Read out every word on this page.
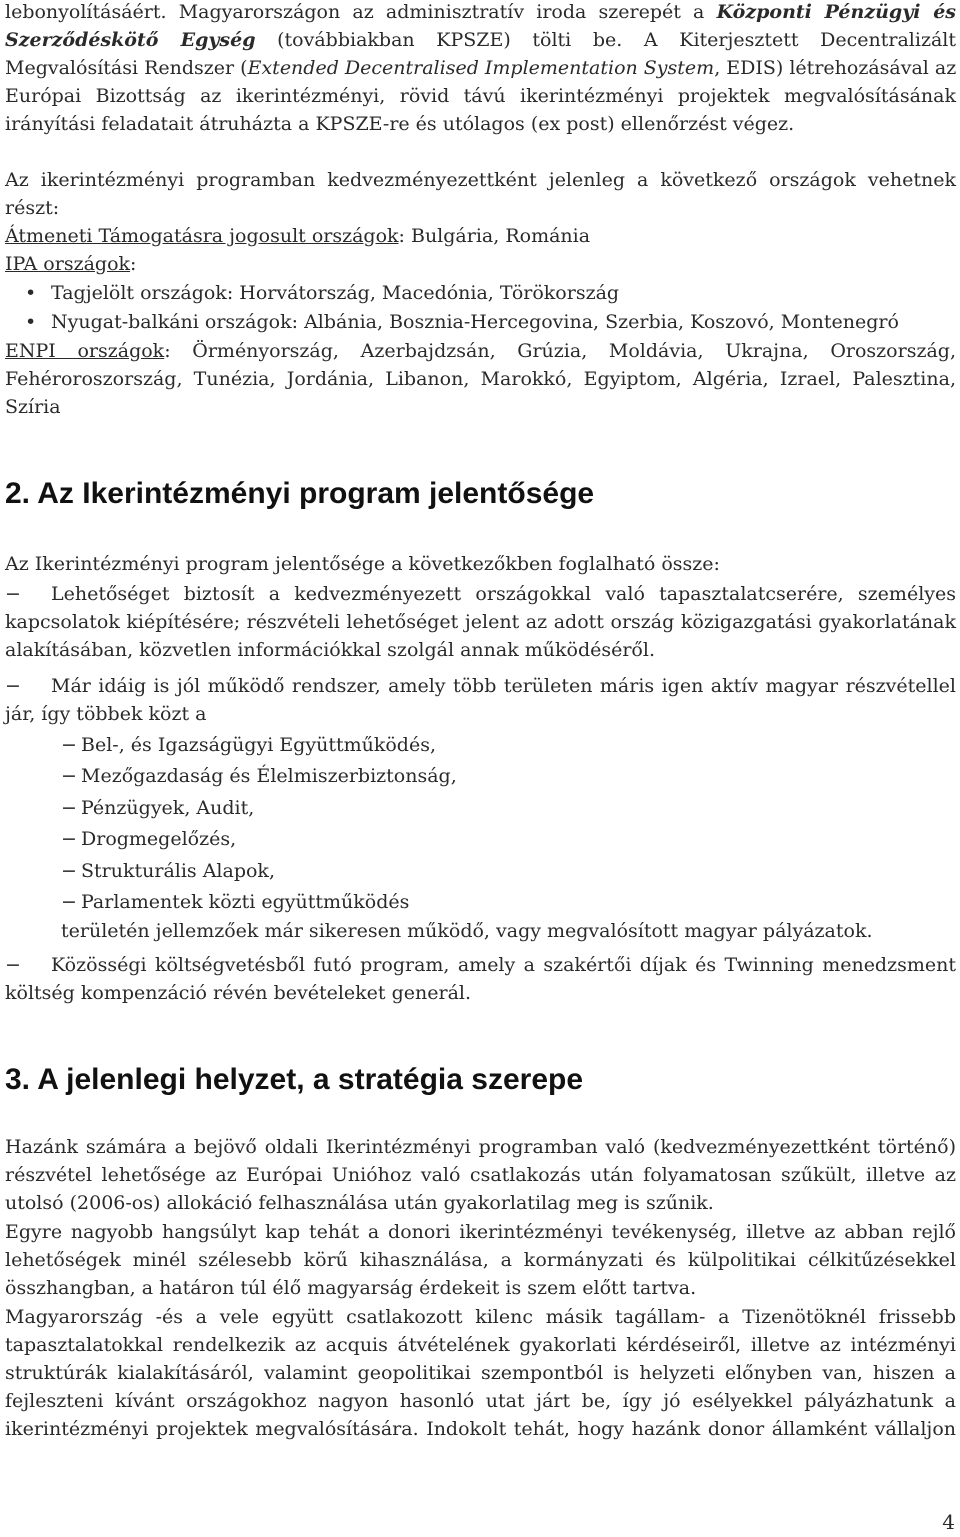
lebonyolításáért. Magyarországon az adminisztratív iroda szerepét a Központi Pénzügyi és
Szerződéskötő Egység (továbbiakban KPSZE) tölti be. A Kiterjesztett Decentralizált
Megvalósítási Rendszer (Extended Decentralised Implementation System, EDIS) létrehozásával az
Európai Bizottság az ikerintézményi, rövid távú ikerintézményi projektek megvalósításának
irányítási feladatait átruházta a KPSZE-re és utólagos (ex post) ellenőrzést végez.
Az ikerintézményi programban kedvezményezettként jelenleg a következő országok vehetnek
részt:
Átmeneti Támogatásra jogosult országok: Bulgária, Románia
IPA országok:
• Tagjelölt országok: Horvátország, Macedónia, Törökország
• Nyugat-balkáni országok: Albánia, Bosznia-Hercegovina, Szerbia, Koszovó, Montenegró
ENPI országok: Örményország, Azerbajdzsán, Grúzia, Moldávia, Ukrajna, Oroszország,
Fehéroroszország, Tunézia, Jordánia, Libanon, Marokkó, Egyiptom, Algéria, Izrael, Palesztina,
Szíria
2. Az Ikerintézményi program jelentősége
Az Ikerintézményi program jelentősége a következőkben foglalható össze:
− Lehetőséget biztosít a kedvezményezett országokkal való tapasztalatcserére, személyes
kapcsolatok kiépítésére; részvételi lehetőséget jelent az adott ország közigazgatási gyakorlatának
alakításában, közvetlen információkkal szolgál annak működéséről.
− Már idáig is jól működő rendszer, amely több területen máris igen aktív magyar részvétellel
jár, így többek közt a
− Bel-, és Igazságügyi Együttműködés,
− Mezőgazdaság és Élelmiszerbiztonság,
− Pénzügyek, Audit,
− Drogmegelőzés,
− Strukturális Alapok,
− Parlamentek közti együttműködés
területén jellemzőek már sikeresen működő, vagy megvalósított magyar pályázatok.
− Közösségi költségvetésből futó program, amely a szakértői díjak és Twinning menedzsment
költség kompenzáció révén bevételeket generál.
3. A jelenlegi helyzet, a stratégia szerepe
Hazánk számára a bejövő oldali Ikerintézményi programban való (kedvezményezettként történő)
részvétel lehetősége az Európai Unióhoz való csatlakozás után folyamatosan szűkült, illetve az
utolsó (2006-os) allokáció felhasználása után gyakorlatilag meg is szűnik.
Egyre nagyobb hangsúlyt kap tehát a donori ikerintézményi tevékenység, illetve az abban rejlő
lehetőségek minél szélesebb körű kihasználása, a kormányzati és külpolitikai célkitűzésekkel
összhangban, a határon túl élő magyarság érdekeit is szem előtt tartva.
Magyarország -és a vele együtt csatlakozott kilenc másik tagállam- a Tizenötöknél frissebb
tapasztalatokkal rendelkezik az acquis átvételének gyakorlati kérdéseiről, illetve az intézményi
struktúrák kialakításáról, valamint geopolitikai szempontból is helyzeti előnyben van, hiszen a
fejleszteni kívánt országokhoz nagyon hasonló utat járt be, így jó esélyekkel pályázhatunk a
ikerintézményi projektek megvalósítására. Indokolt tehát, hogy hazánk donor államként vállaljon
4
